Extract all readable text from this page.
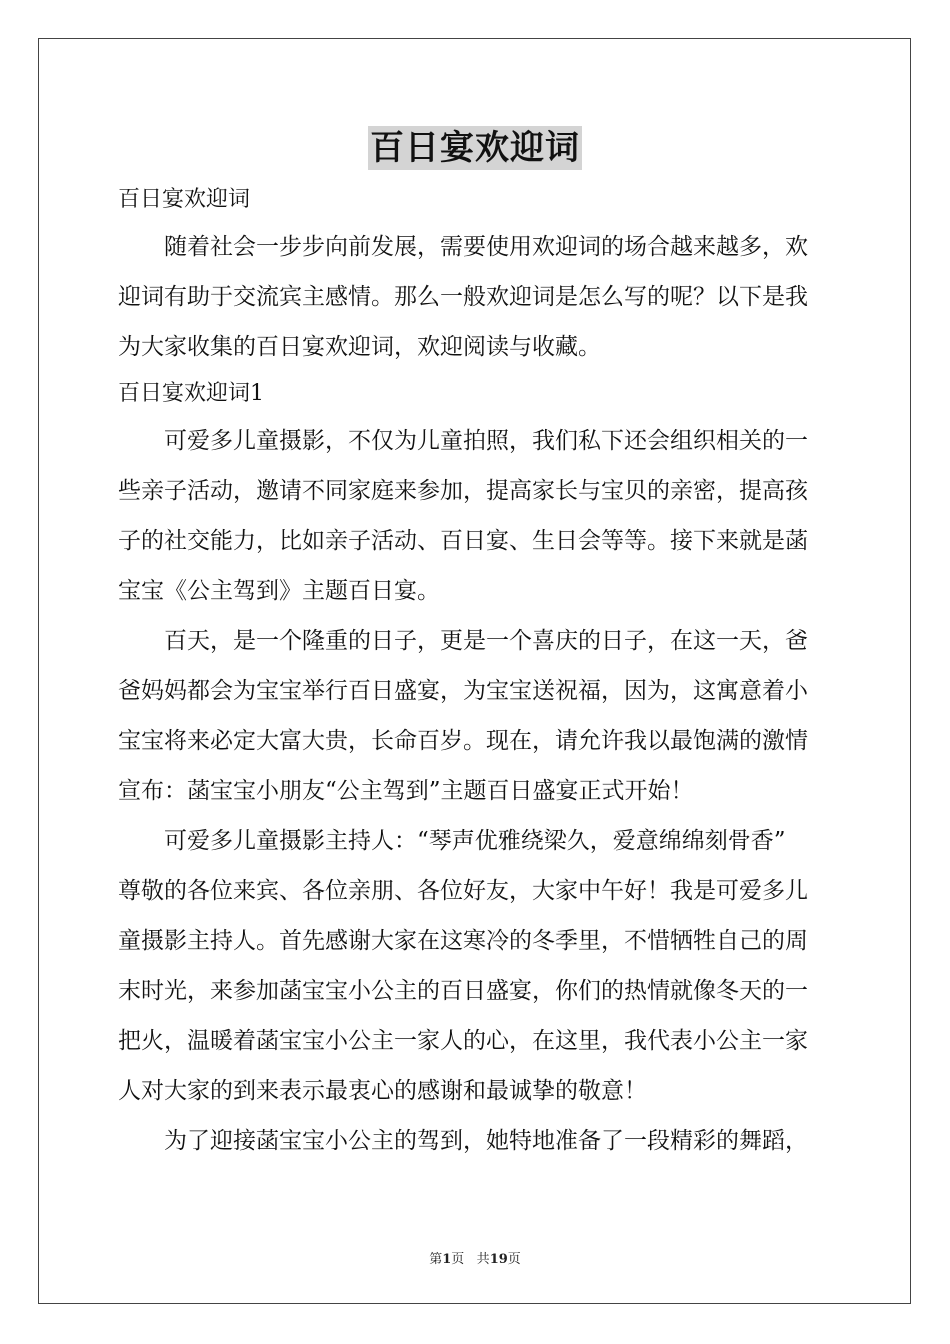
百日宴欢迎词

百日宴欢迎词

随着社会一步步向前发展，需要使用欢迎词的场合越来越多，欢

迎词有助于交流宾主感情。那么一般欢迎词是怎么写的呢？以下是我

为大家收集的百日宴欢迎词，欢迎阅读与收藏。

百日宴欢迎词1

可爱多儿童摄影，不仅为儿童拍照，我们私下还会组织相关的一

些亲子活动，邀请不同家庭来参加，提高家长与宝贝的亲密，提高孩

子的社交能力，比如亲子活动、百日宴、生日会等等。接下来就是菡

宝宝《公主驾到》主题百日宴。

百天，是一个隆重的日子，更是一个喜庆的日子，在这一天，爸

爸妈妈都会为宝宝举行百日盛宴，为宝宝送祝福，因为，这寓意着小

宝宝将来必定大富大贵，长命百岁。现在，请允许我以最饱满的激情

宣布：菡宝宝小朋友“公主驾到”主题百日盛宴正式开始！

可爱多儿童摄影主持人：“琴声优雅绕梁久，爱意绵绵刻骨香”

尊敬的各位来宾、各位亲朋、各位好友，大家中午好！我是可爱多儿

童摄影主持人。首先感谢大家在这寒冷的冬季里，不惜牺牲自己的周

末时光，来参加菡宝宝小公主的百日盛宴，你们的热情就像冬天的一

把火，温暖着菡宝宝小公主一家人的心，在这里，我代表小公主一家

人对大家的到来表示最衷心的感谢和最诚挚的敬意！

为了迎接菡宝宝小公主的驾到，她特地准备了一段精彩的舞蹈，

第1页 共19页
